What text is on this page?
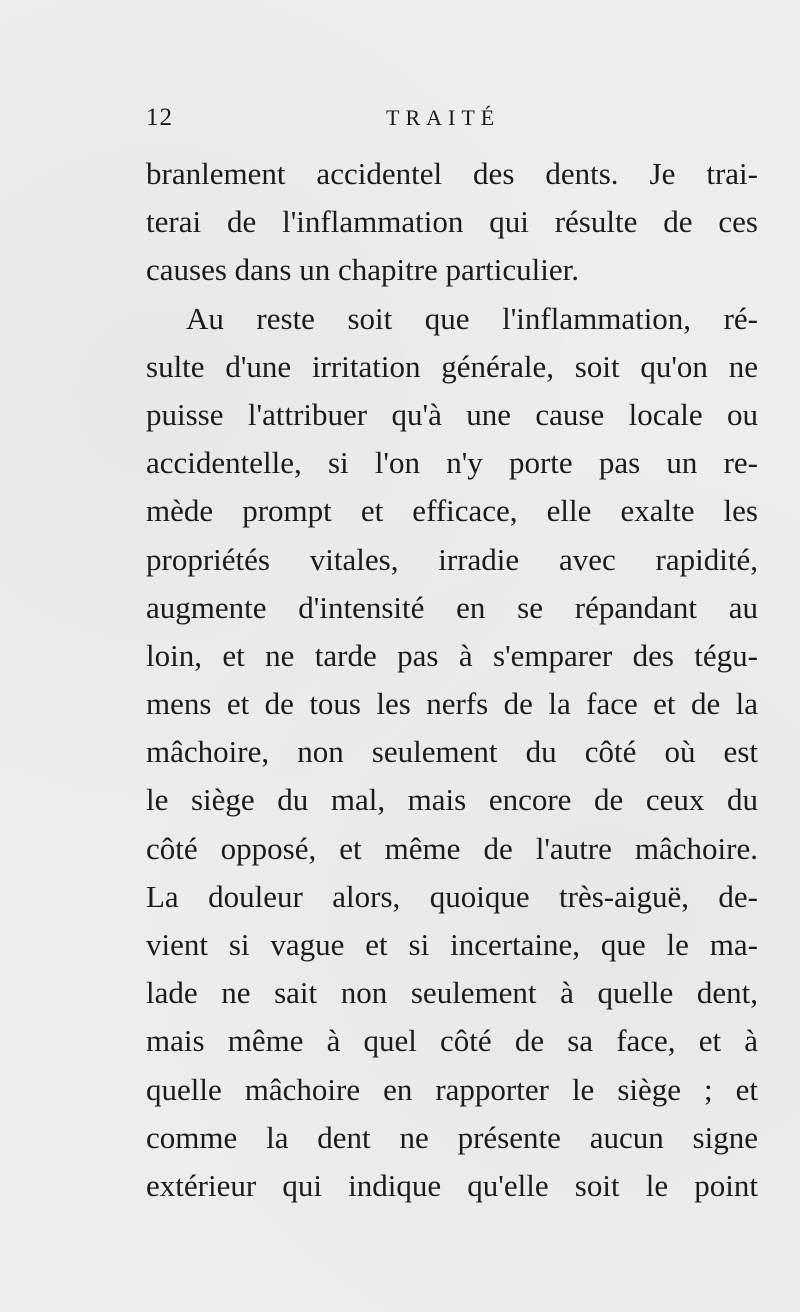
12	TRAITÉ
branlement accidentel des dents. Je trai-
terai de l'inflammation qui résulte de ces
causes dans un chapitre particulier.
Au reste soit que l'inflammation, ré-
sulte d'une irritation générale, soit qu'on ne
puisse l'attribuer qu'à une cause locale ou
accidentelle, si l'on n'y porte pas un re-
mède prompt et efficace, elle exalte les
propriétés vitales, irradie avec rapidité,
augmente d'intensité en se répandant au
loin, et ne tarde pas à s'emparer des tégu-
mens et de tous les nerfs de la face et de la
mâchoire, non seulement du côté où est
le siège du mal, mais encore de ceux du
côté opposé, et même de l'autre mâchoire.
La douleur alors, quoique très-aiguë, de-
vient si vague et si incertaine, que le ma-
lade ne sait non seulement à quelle dent,
mais même à quel côté de sa face, et à
quelle mâchoire en rapporter le siège ; et
comme la dent ne présente aucun signe
extérieur qui indique qu'elle soit le point
